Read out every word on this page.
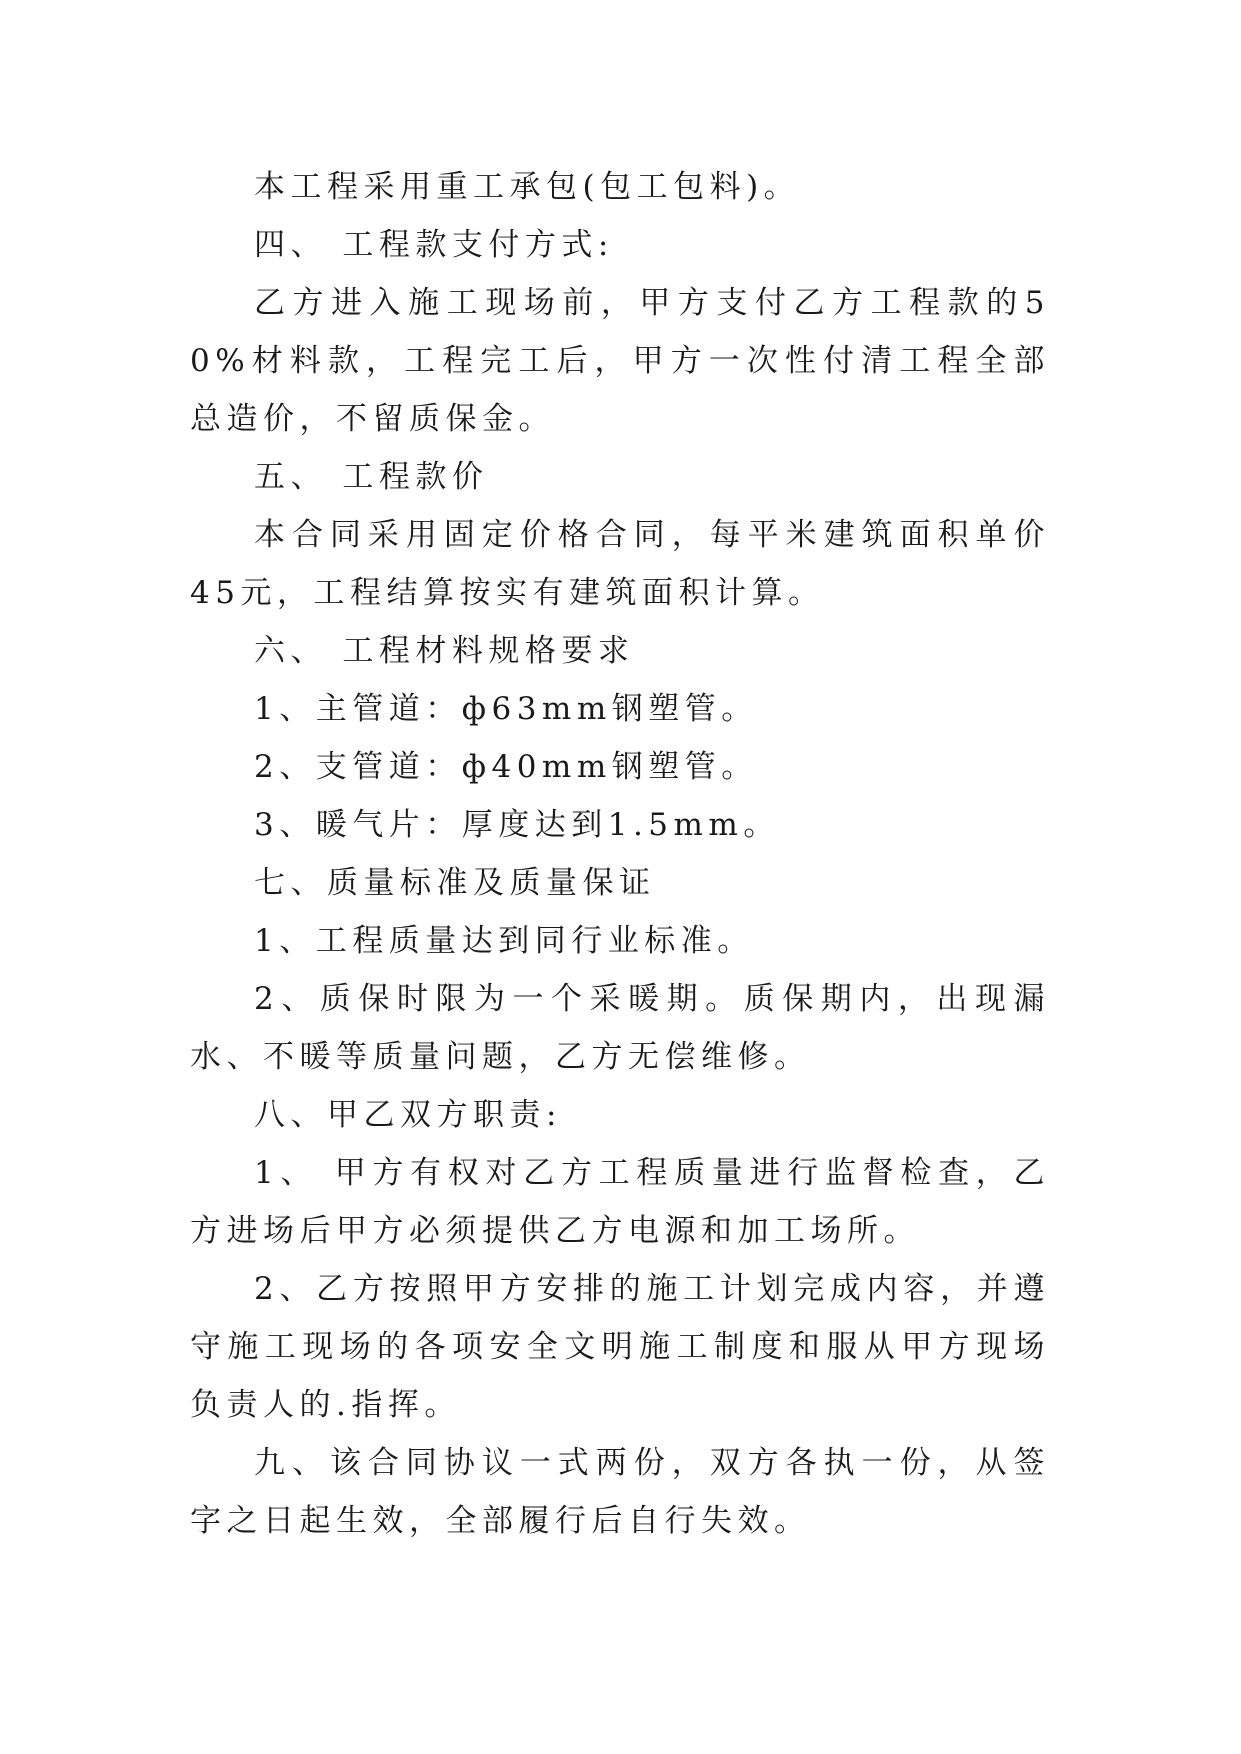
本工程采用重工承包(包工包料)。

四、 工程款支付方式:

乙方进入施工现场前，甲方支付乙方工程款的50%材料款，工程完工后，甲方一次性付清工程全部总造价，不留质保金。

五、 工程款价

本合同采用固定价格合同，每平米建筑面积单价 45元，工程结算按实有建筑面积计算。

六、 工程材料规格要求

1、主管道：ф63mm钢塑管。

2、支管道：ф40mm钢塑管。

3、暖气片：厚度达到1.5mm。

七、质量标准及质量保证

1、工程质量达到同行业标准。

2、质保时限为一个采暖期。质保期内，出现漏水、不暖等质量问题，乙方无偿维修。

八、甲乙双方职责:

1、 甲方有权对乙方工程质量进行监督检查，乙方进场后甲方必须提供乙方电源和加工场所。

2、乙方按照甲方安排的施工计划完成内容，并遵守施工现场的各项安全文明施工制度和服从甲方现场负责人的.指挥。

九、该合同协议一式两份，双方各执一份，从签字之日起生效，全部履行后自行失效。
